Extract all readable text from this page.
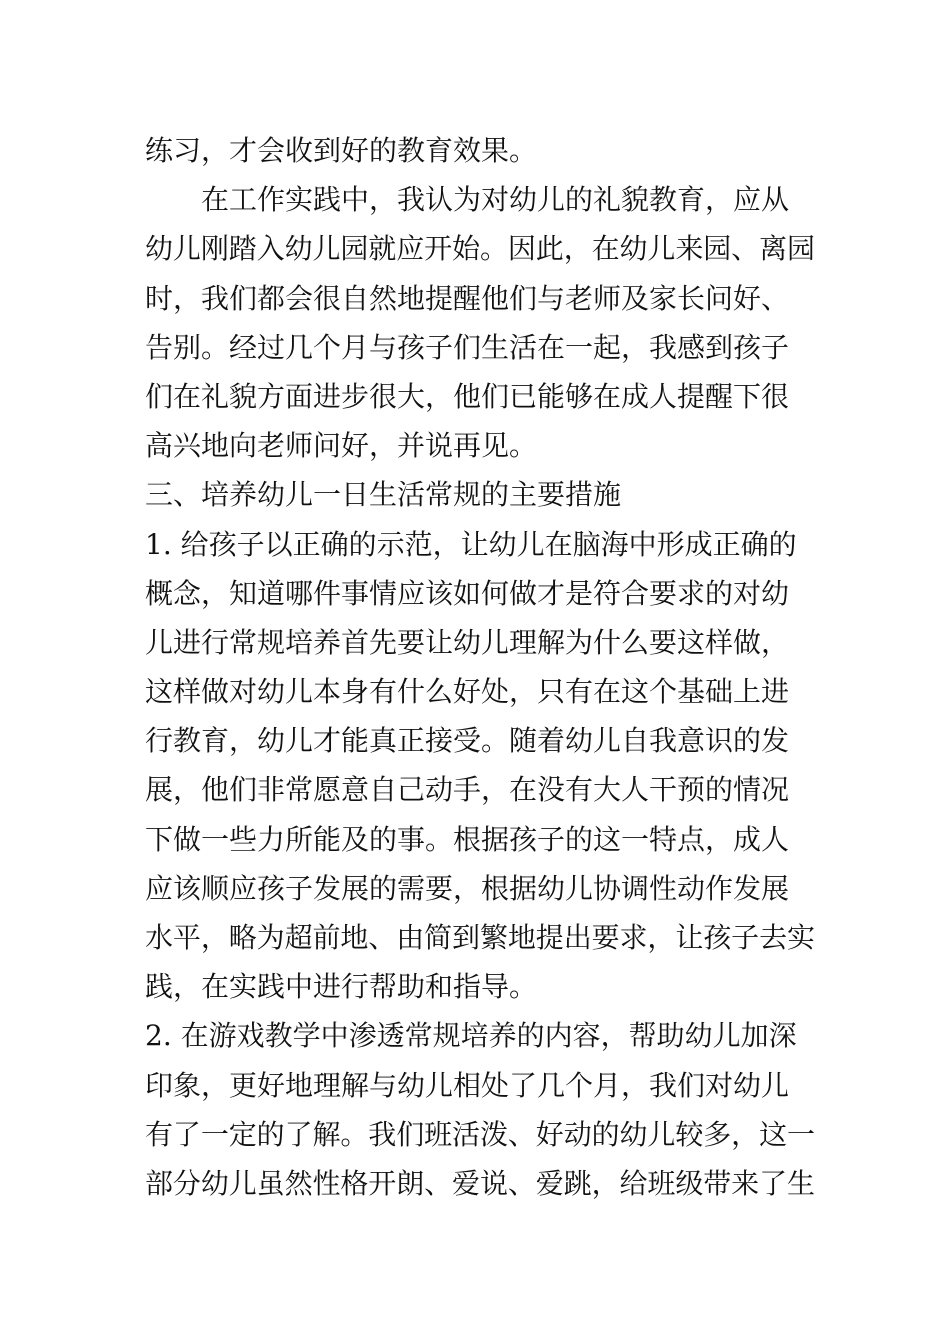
练习，才会收到好的教育效果。
在工作实践中，我认为对幼儿的礼貌教育，应从
幼儿刚踏入幼儿园就应开始。因此，在幼儿来园、离园
时，我们都会很自然地提醒他们与老师及家长问好、
告别。经过几个月与孩子们生活在一起，我感到孩子
们在礼貌方面进步很大，他们已能够在成人提醒下很
高兴地向老师问好，并说再见。
三、培养幼儿一日生活常规的主要措施
1. 给孩子以正确的示范，让幼儿在脑海中形成正确的
概念，知道哪件事情应该如何做才是符合要求的对幼
儿进行常规培养首先要让幼儿理解为什么要这样做，
这样做对幼儿本身有什么好处，只有在这个基础上进
行教育，幼儿才能真正接受。随着幼儿自我意识的发
展，他们非常愿意自己动手，在没有大人干预的情况
下做一些力所能及的事。根据孩子的这一特点，成人
应该顺应孩子发展的需要，根据幼儿协调性动作发展
水平，略为超前地、由简到繁地提出要求，让孩子去实
践，在实践中进行帮助和指导。
2. 在游戏教学中渗透常规培养的内容，帮助幼儿加深
印象，更好地理解与幼儿相处了几个月，我们对幼儿
有了一定的了解。我们班活泼、好动的幼儿较多，这一
部分幼儿虽然性格开朗、爱说、爱跳，给班级带来了生
